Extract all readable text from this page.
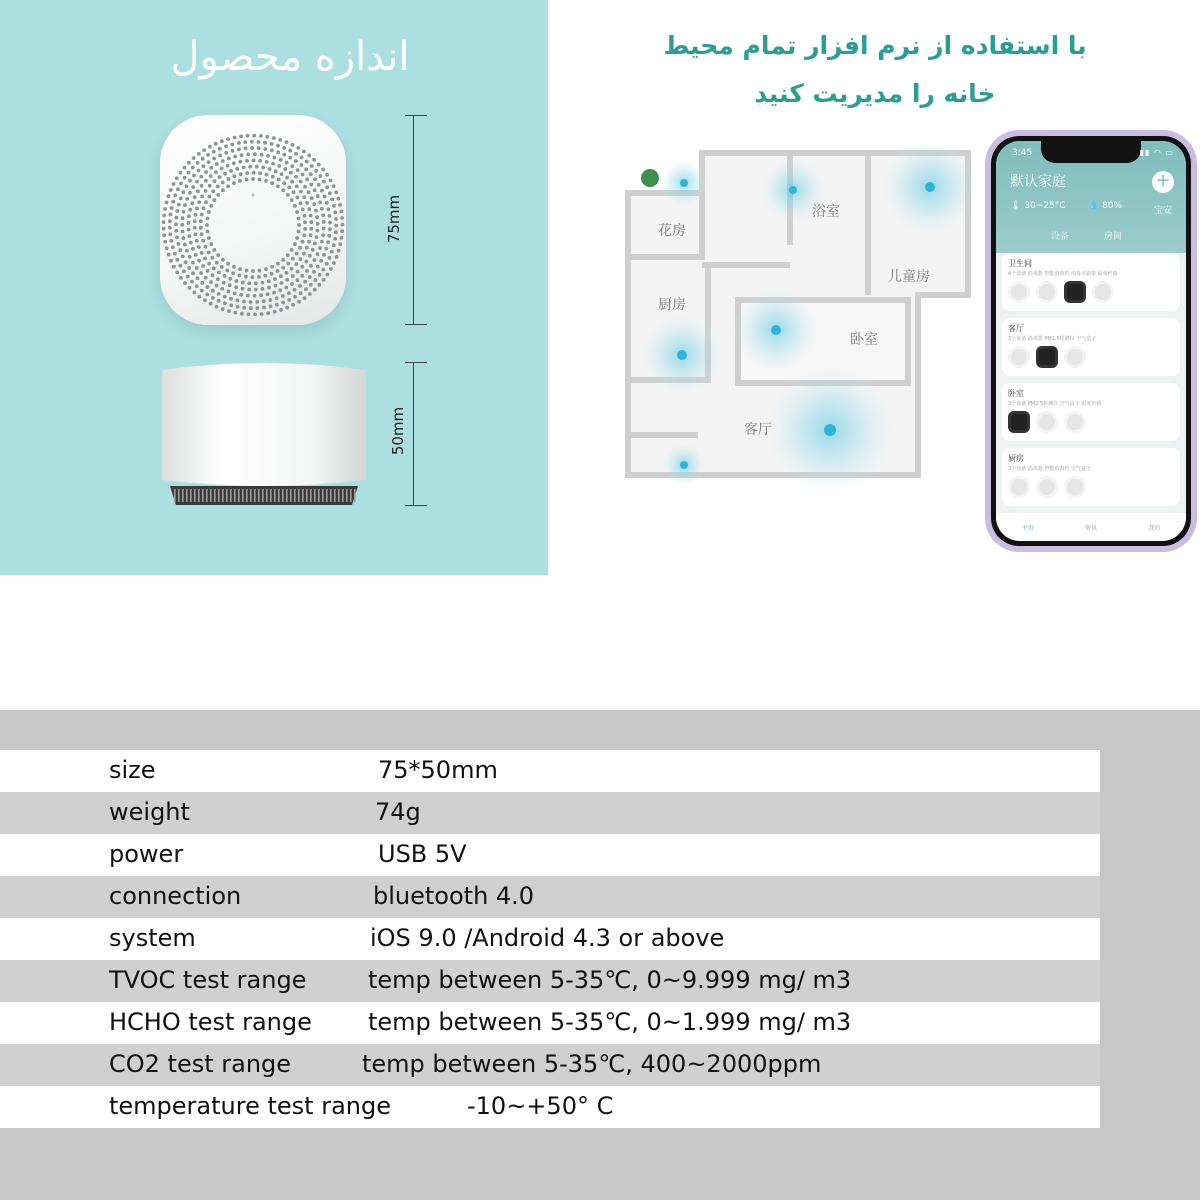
اندازه محصول
75mm
50mm
با استفاده از نرم افزار تمام محیط
خانه را مدیریت کنید
花房
浴室
儿童房
厨房
卧室
客厅
3:45	▮▮ ◠ ▭
默认家庭	+
🌡 30~25°C 💧 80%	宝安
设备	房间
卫生间
4个设备 消毒器 智能消毒机 消毒牙刷架 温度传感
客厅
3个设备 消毒器 PM2.5检测仪 空气盒子
卧室
3个设备 PM2.5检测仪 空气盒子 温度传感
厨房
3个设备 消毒器 智能消毒机 空气盒子
主页	资讯	我的
size	75*50mm
weight	74g
power	USB 5V
connection	bluetooth 4.0
system	iOS 9.0 /Android 4.3 or above
TVOC test range	temp between 5-35℃, 0~9.999 mg/ m3
HCHO test range temp between 5-35℃, 0~1.999 mg/ m3
CO2 test range	temp between 5-35℃, 400~2000ppm
temperature test range	-10~+50° C
